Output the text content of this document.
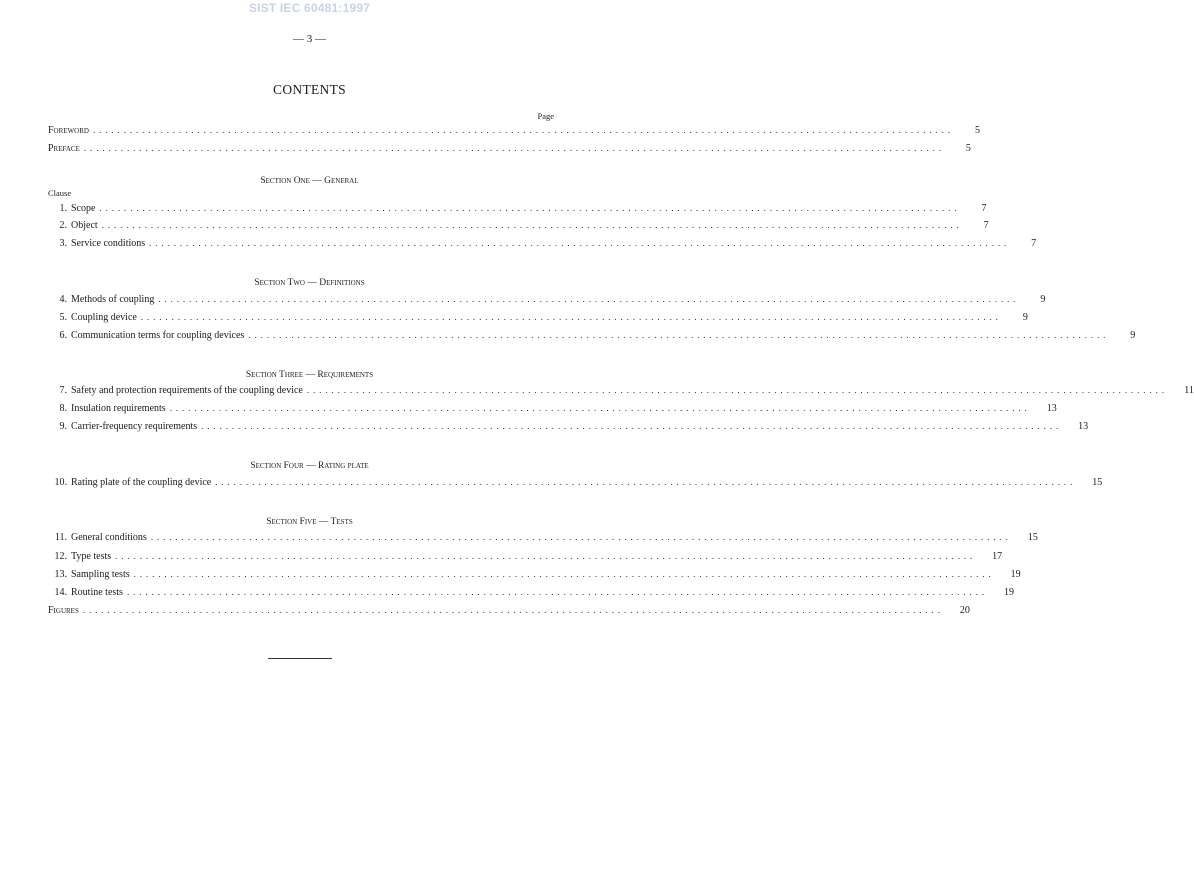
SIST IEC 60481:1997
— 3 —
CONTENTS
Page
Foreword ............................................................................................................................................	5
Preface ............................................................................................................................................	5
Section One — General
Clause
1. Scope ............................................................................................................................................	7
2. Object ............................................................................................................................................	7
3. Service conditions ............................................................................................................................................	7
Section Two — Definitions
4. Methods of coupling ............................................................................................................................................	9
5. Coupling device ............................................................................................................................................	9
6. Communication terms for coupling devices ............................................................................................................................................	9
Section Three — Requirements
7. Safety and protection requirements of the coupling device ............................................................................................................................................	11
8. Insulation requirements ............................................................................................................................................	13
9. Carrier-frequency requirements ............................................................................................................................................	13
Section Four — Rating plate
10. Rating plate of the coupling device ............................................................................................................................................	15
Section Five — Tests
11. General conditions ............................................................................................................................................	15
12. Type tests ............................................................................................................................................	17
13. Sampling tests ............................................................................................................................................	19
14. Routine tests ............................................................................................................................................	19
Figures ............................................................................................................................................	20
